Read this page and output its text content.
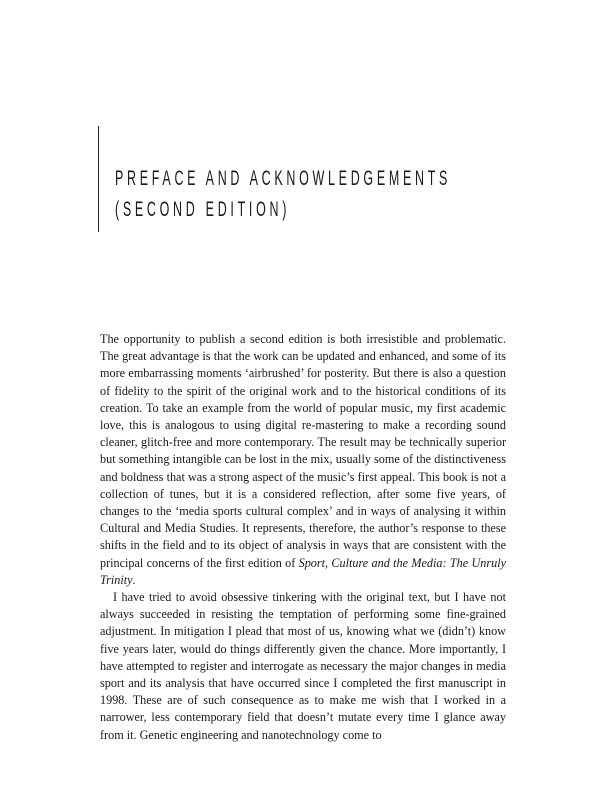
PREFACE AND ACKNOWLEDGEMENTS
(SECOND EDITION)

The opportunity to publish a second edition is both irresistible and problematic. The great advantage is that the work can be updated and enhanced, and some of its more embarrassing moments ‘airbrushed’ for posterity. But there is also a question of fidelity to the spirit of the original work and to the historical conditions of its creation. To take an example from the world of popular music, my first academic love, this is analogous to using digital re-mastering to make a recording sound cleaner, glitch-free and more contemporary. The result may be technically superior but something intangible can be lost in the mix, usually some of the distinctiveness and boldness that was a strong aspect of the music’s first appeal. This book is not a collection of tunes, but it is a considered reflection, after some five years, of changes to the ‘media sports cultural complex’ and in ways of analysing it within Cultural and Media Studies. It represents, therefore, the author’s response to these shifts in the field and to its object of analysis in ways that are consistent with the principal concerns of the first edition of Sport, Culture and the Media: The Unruly Trinity.

I have tried to avoid obsessive tinkering with the original text, but I have not always succeeded in resisting the temptation of performing some fine-grained adjustment. In mitigation I plead that most of us, knowing what we (didn’t) know five years later, would do things differently given the chance. More importantly, I have attempted to register and interrogate as necessary the major changes in media sport and its analysis that have occurred since I completed the first manuscript in 1998. These are of such consequence as to make me wish that I worked in a narrower, less contemporary field that doesn’t mutate every time I glance away from it. Genetic engineering and nanotechnology come to
